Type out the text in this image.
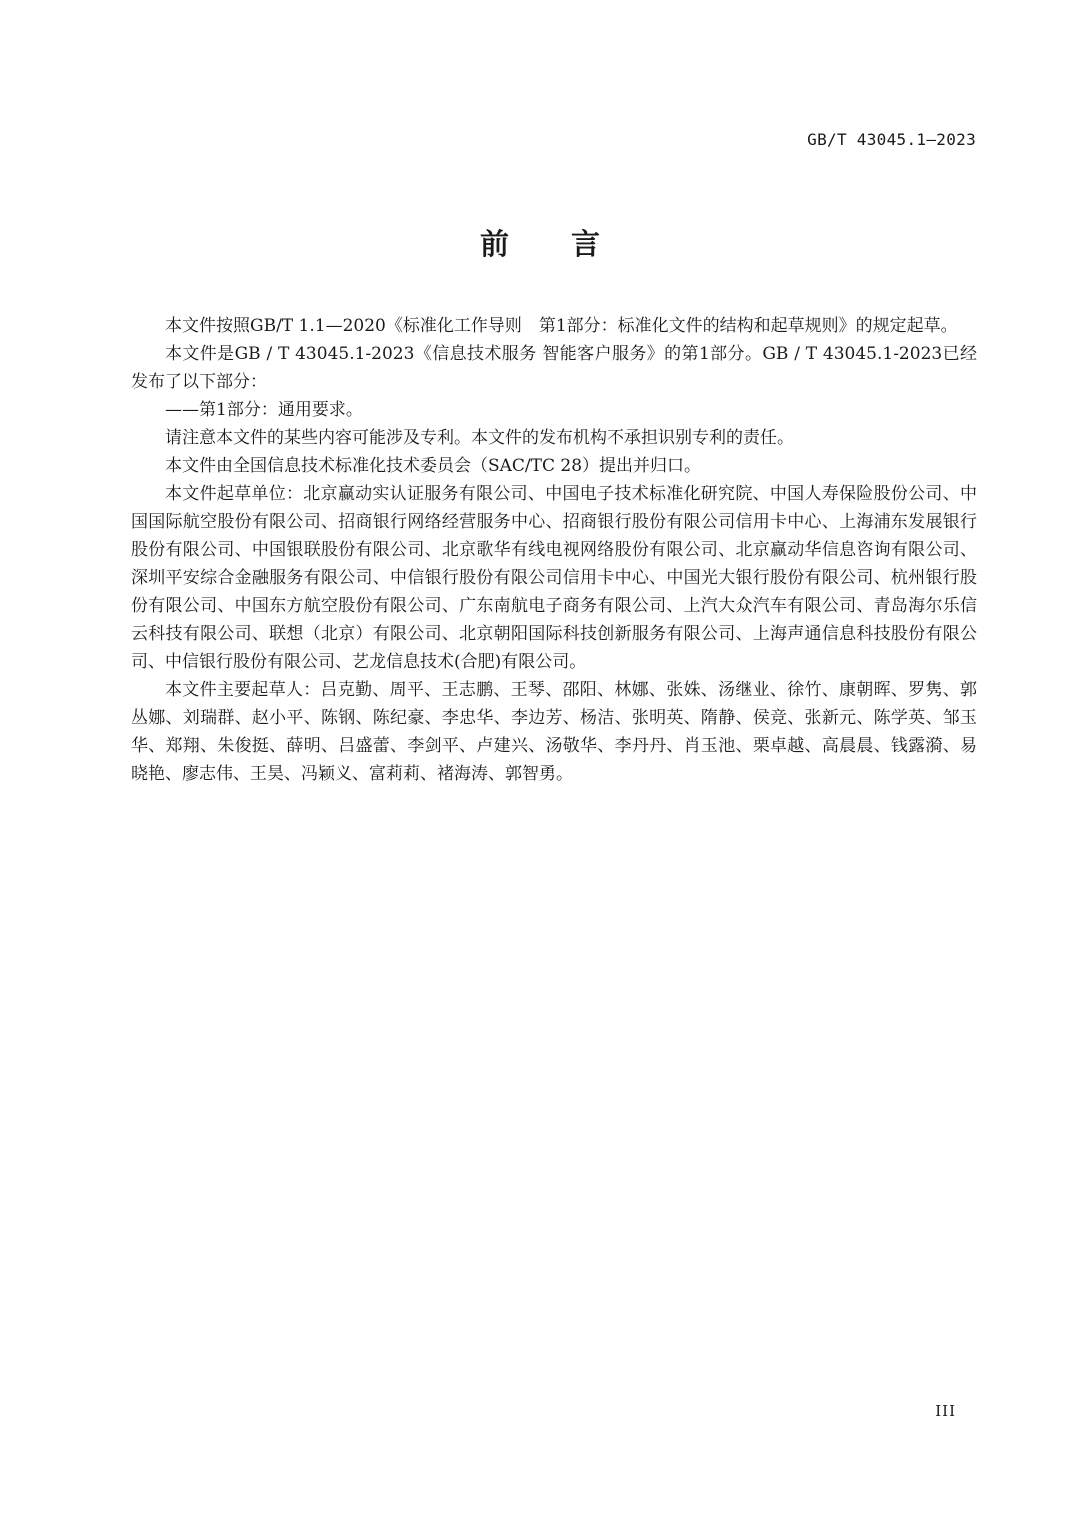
GB/T 43045.1—2023
前言

本文件按照GB/T 1.1—2020《标准化工作导则　第1部分：标准化文件的结构和起草规则》的规定起草。

本文件是GB / T 43045.1-2023《信息技术服务 智能客户服务》的第1部分。GB / T 43045.1-2023已经发布了以下部分：

——第1部分：通用要求。

请注意本文件的某些内容可能涉及专利。本文件的发布机构不承担识别专利的责任。

本文件由全国信息技术标准化技术委员会（SAC/TC 28）提出并归口。

本文件起草单位：北京赢动实认证服务有限公司、中国电子技术标准化研究院、中国人寿保险股份公司、中国国际航空股份有限公司、招商银行网络经营服务中心、招商银行股份有限公司信用卡中心、上海浦东发展银行股份有限公司、中国银联股份有限公司、北京歌华有线电视网络股份有限公司、北京赢动华信息咨询有限公司、深圳平安综合金融服务有限公司、中信银行股份有限公司信用卡中心、中国光大银行股份有限公司、杭州银行股份有限公司、中国东方航空股份有限公司、广东南航电子商务有限公司、上汽大众汽车有限公司、青岛海尔乐信云科技有限公司、联想（北京）有限公司、北京朝阳国际科技创新服务有限公司、上海声通信息科技股份有限公司、中信银行股份有限公司、艺龙信息技术(合肥)有限公司。

本文件主要起草人：吕克勤、周平、王志鹏、王琴、邵阳、林娜、张姝、汤继业、徐竹、康朝晖、罗隽、郭丛娜、刘瑞群、赵小平、陈钢、陈纪豪、李忠华、李边芳、杨洁、张明英、隋静、侯竞、张新元、陈学英、邹玉华、郑翔、朱俊挺、薛明、吕盛蕾、李剑平、卢建兴、汤敬华、李丹丹、肖玉池、栗卓越、高晨晨、钱露漪、易晓艳、廖志伟、王昊、冯颖义、富莉莉、褚海涛、郭智勇。

III
